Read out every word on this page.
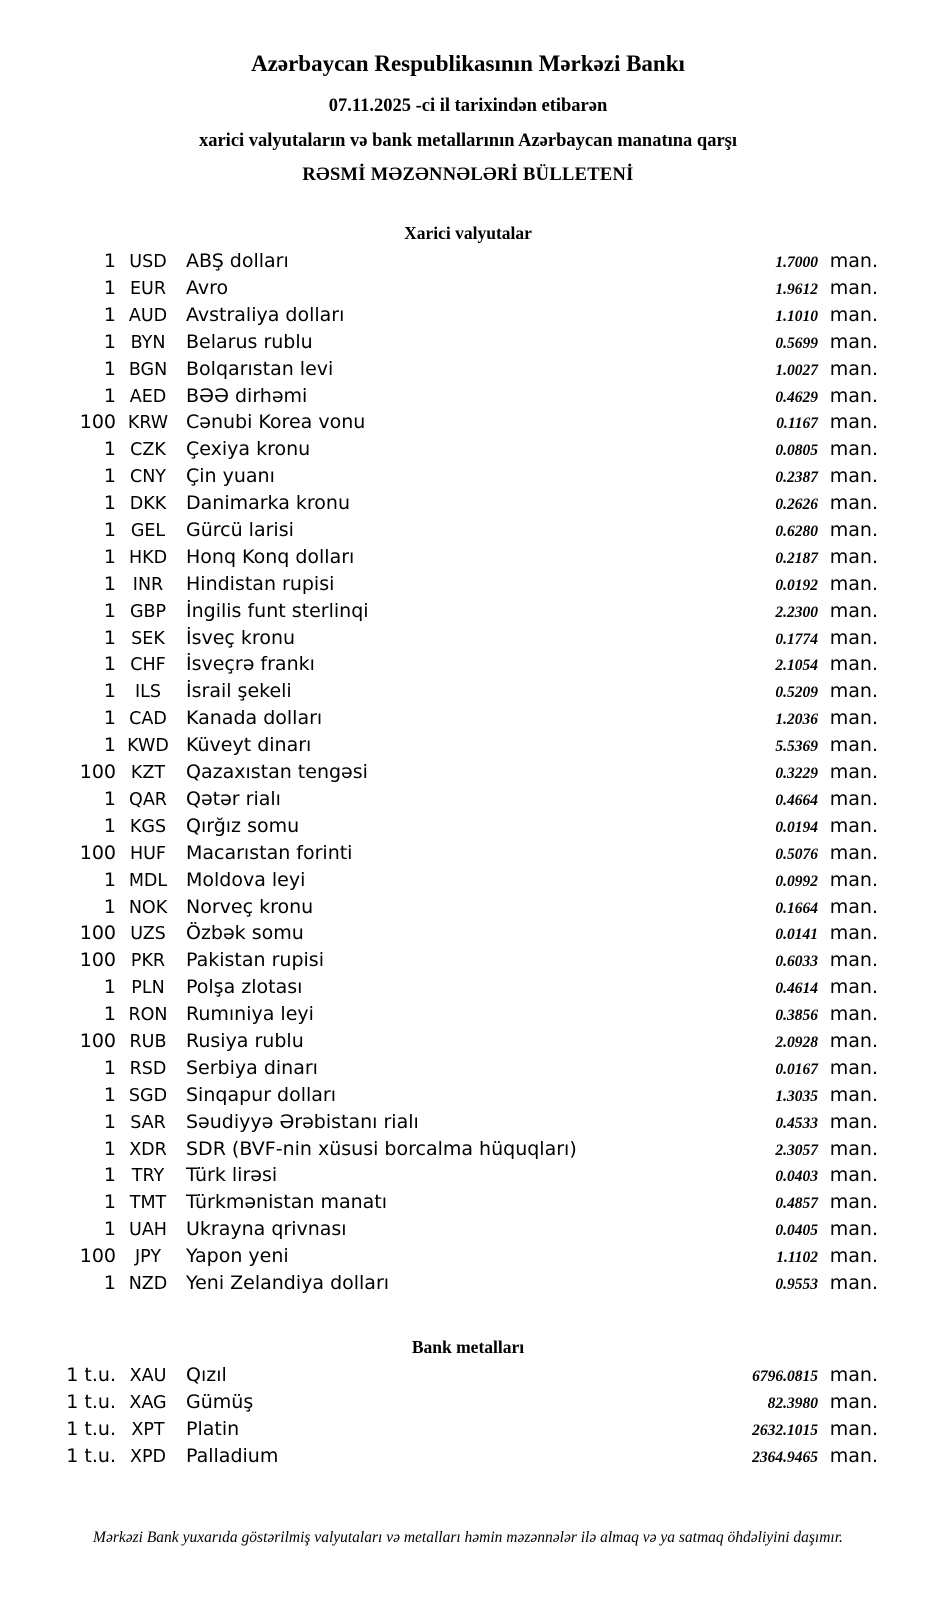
Azərbaycan Respublikasının Mərkəzi Bankı
07.11.2025 -ci il tarixindən etibarən
xarici valyutaların və bank metallarının Azərbaycan manatına qarşı
RƏSMİ MƏZƏNNƏLƏRİ BÜLLETENİ
Xarici valyutalar
1 USD	ABŞ dolları	1.7000 man.
1 EUR	Avro	1.9612 man.
1 AUD Avstraliya dolları	1.1010 man.
1 BYN	Belarus rublu	0.5699 man.
1 BGN Bolqarıstan levi	1.0027 man.
1 AED	BƏƏ dirhəmi	0.4629 man.
100 KRW Cənubi Korea vonu	0.1167 man.
1 CZK	Çexiya kronu	0.0805 man.
1 CNY	Çin yuanı	0.2387 man.
1 DKK	Danimarka kronu	0.2626 man.
1 GEL	Gürcü larisi	0.6280 man.
1 HKD Honq Konq dolları	0.2187 man.
1 INR	Hindistan rupisi	0.0192 man.
1 GBP	İngilis funt sterlinqi	2.2300 man.
1 SEK	İsveç kronu	0.1774 man.
1 CHF	İsveçrə frankı	2.1054 man.
1	ILS	İsrail şekeli	0.5209 man.
1 CAD	Kanada dolları	1.2036 man.
1 KWD Küveyt dinarı	5.5369 man.
100 KZT	Qazaxıstan tengəsi	0.3229 man.
1 QAR	Qətər rialı	0.4664 man.
1 KGS	Qırğız somu	0.0194 man.
100 HUF	Macarıstan forinti	0.5076 man.
1 MDL Moldova leyi	0.0992 man.
1 NOK Norveç kronu	0.1664 man.
100 UZS	Özbək somu	0.0141 man.
100 PKR	Pakistan rupisi	0.6033 man.
1 PLN	Polşa zlotası	0.4614 man.
1 RON Rumıniya leyi	0.3856 man.
100 RUB	Rusiya rublu	2.0928 man.
1 RSD	Serbiya dinarı	0.0167 man.
1 SGD Sinqapur dolları	1.3035 man.
1 SAR	Səudiyyə Ərəbistanı rialı	0.4533 man.
1 XDR	SDR (BVF-nin xüsusi borcalma hüquqları)	2.3057 man.
1 TRY	Türk lirəsi	0.0403 man.
1 TMT	Türkmənistan manatı	0.4857 man.
1 UAH	Ukrayna qrivnası	0.0405 man.
100	JPY	Yapon yeni	1.1102 man.
1 NZD Yeni Zelandiya dolları	0.9553 man.
Bank metalları
1 t.u. XAU	Qızıl	6796.0815 man.
1 t.u. XAG	Gümüş	82.3980 man.
1 t.u. XPT	Platin	2632.1015 man.
1 t.u. XPD	Palladium	2364.9465 man.
Mərkəzi Bank yuxarıda göstərilmiş valyutaları və metalları həmin məzənnələr ilə almaq və ya satmaq öhdəliyini daşımır.
